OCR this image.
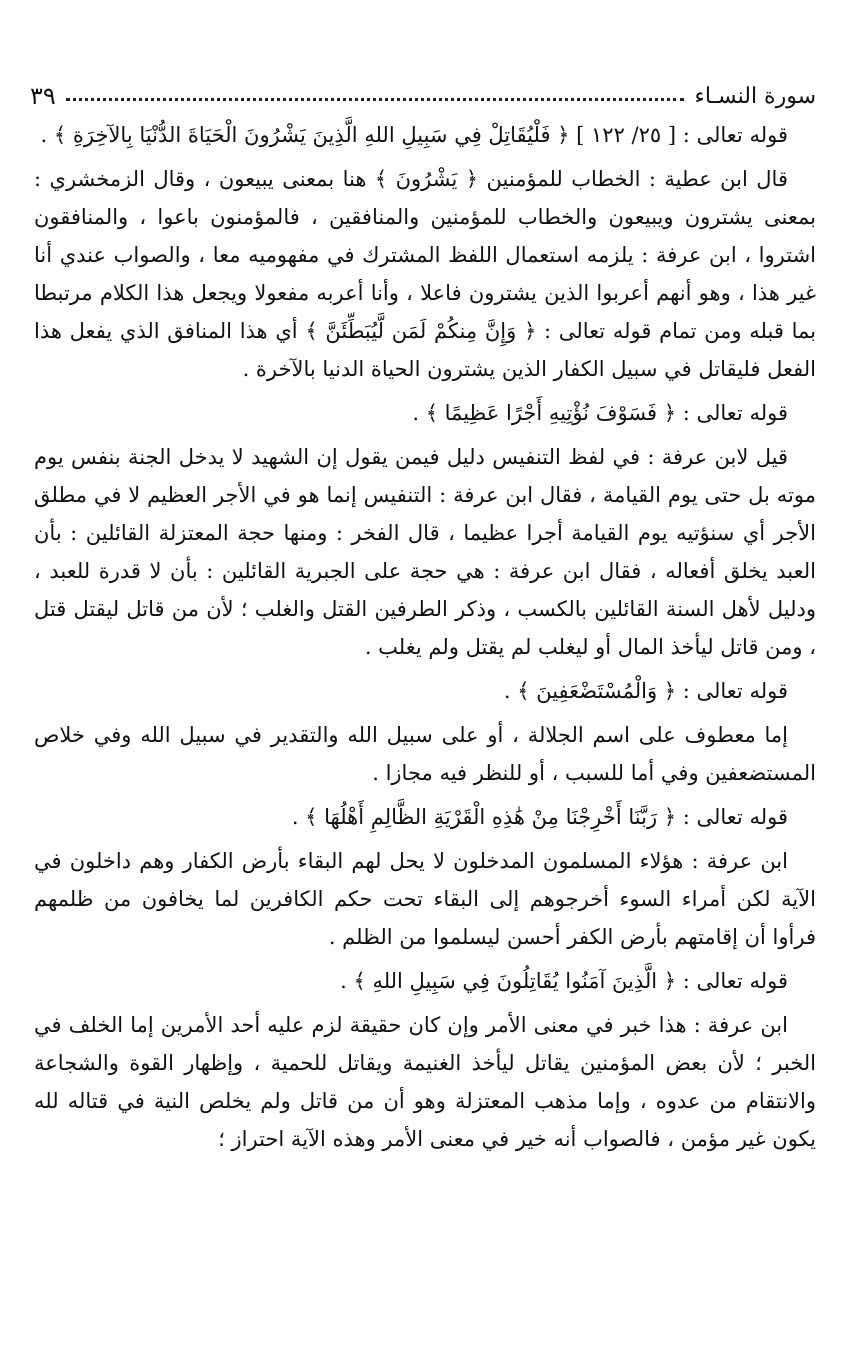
سورة النسـاء
٣٩

قوله تعالى : [ ٢٥/ ١٢٢ ] ﴿ فَلْيُقَاتِلْ فِي سَبِيلِ اللهِ الَّذِينَ يَشْرُونَ الْحَيَاةَ الدُّنْيَا بِالآخِرَةِ ﴾ .

قال ابن عطية : الخطاب للمؤمنين ﴿ يَشْرُونَ ﴾ هنا بمعنى يبيعون ، وقال الزمخشري : بمعنى يشترون ويبيعون والخطاب للمؤمنين والمنافقين ، فالمؤمنون باعوا ، والمنافقون اشتروا ، ابن عرفة : يلزمه استعمال اللفظ المشترك في مفهوميه معا ، والصواب عندي أنا غير هذا ، وهو أنهم أعربوا الذين يشترون فاعلا ، وأنا أعربه مفعولا ويجعل هذا الكلام مرتبطا بما قبله ومن تمام قوله تعالى : ﴿ وَإِنَّ مِنكُمْ لَمَن لَّيُبَطِّئَنَّ ﴾ أي هذا المنافق الذي يفعل هذا الفعل فليقاتل في سبيل الكفار الذين يشترون الحياة الدنيا بالآخرة .

قوله تعالى : ﴿ فَسَوْفَ نُؤْتِيهِ أَجْرًا عَظِيمًا ﴾ .

قيل لابن عرفة : في لفظ التنفيس دليل فيمن يقول إن الشهيد لا يدخل الجنة بنفس يوم موته بل حتى يوم القيامة ، فقال ابن عرفة : التنفيس إنما هو في الأجر العظيم لا في مطلق الأجر أي سنؤتيه يوم القيامة أجرا عظيما ، قال الفخر : ومنها حجة المعتزلة القائلين : بأن العبد يخلق أفعاله ، فقال ابن عرفة : هي حجة على الجبرية القائلين : بأن لا قدرة للعبد ، ودليل لأهل السنة القائلين بالكسب ، وذكر الطرفين القتل والغلب ؛ لأن من قاتل ليقتل قتل ، ومن قاتل ليأخذ المال أو ليغلب لم يقتل ولم يغلب .

قوله تعالى : ﴿ وَالْمُسْتَضْعَفِينَ ﴾ .

إما معطوف على اسم الجلالة ، أو على سبيل الله والتقدير في سبيل الله وفي خلاص المستضعفين وفي أما للسبب ، أو للنظر فيه مجازا .

قوله تعالى : ﴿ رَبَّنَا أَخْرِجْنَا مِنْ هَٰذِهِ الْقَرْيَةِ الظَّالِمِ أَهْلُهَا ﴾ .

ابن عرفة : هؤلاء المسلمون المدخلون لا يحل لهم البقاء بأرض الكفار وهم داخلون في الآية لكن أمراء السوء أخرجوهم إلى البقاء تحت حكم الكافرين لما يخافون من ظلمهم فرأوا أن إقامتهم بأرض الكفر أحسن ليسلموا من الظلم .

قوله تعالى : ﴿ الَّذِينَ آمَنُوا يُقَاتِلُونَ فِي سَبِيلِ اللهِ ﴾ .

ابن عرفة : هذا خبر في معنى الأمر وإن كان حقيقة لزم عليه أحد الأمرين إما الخلف في الخبر ؛ لأن بعض المؤمنين يقاتل ليأخذ الغنيمة ويقاتل للحمية ، وإظهار القوة والشجاعة والانتقام من عدوه ، وإما مذهب المعتزلة وهو أن من قاتل ولم يخلص النية في قتاله لله يكون غير مؤمن ، فالصواب أنه خير في معنى الأمر وهذه الآية احتراز ؛
